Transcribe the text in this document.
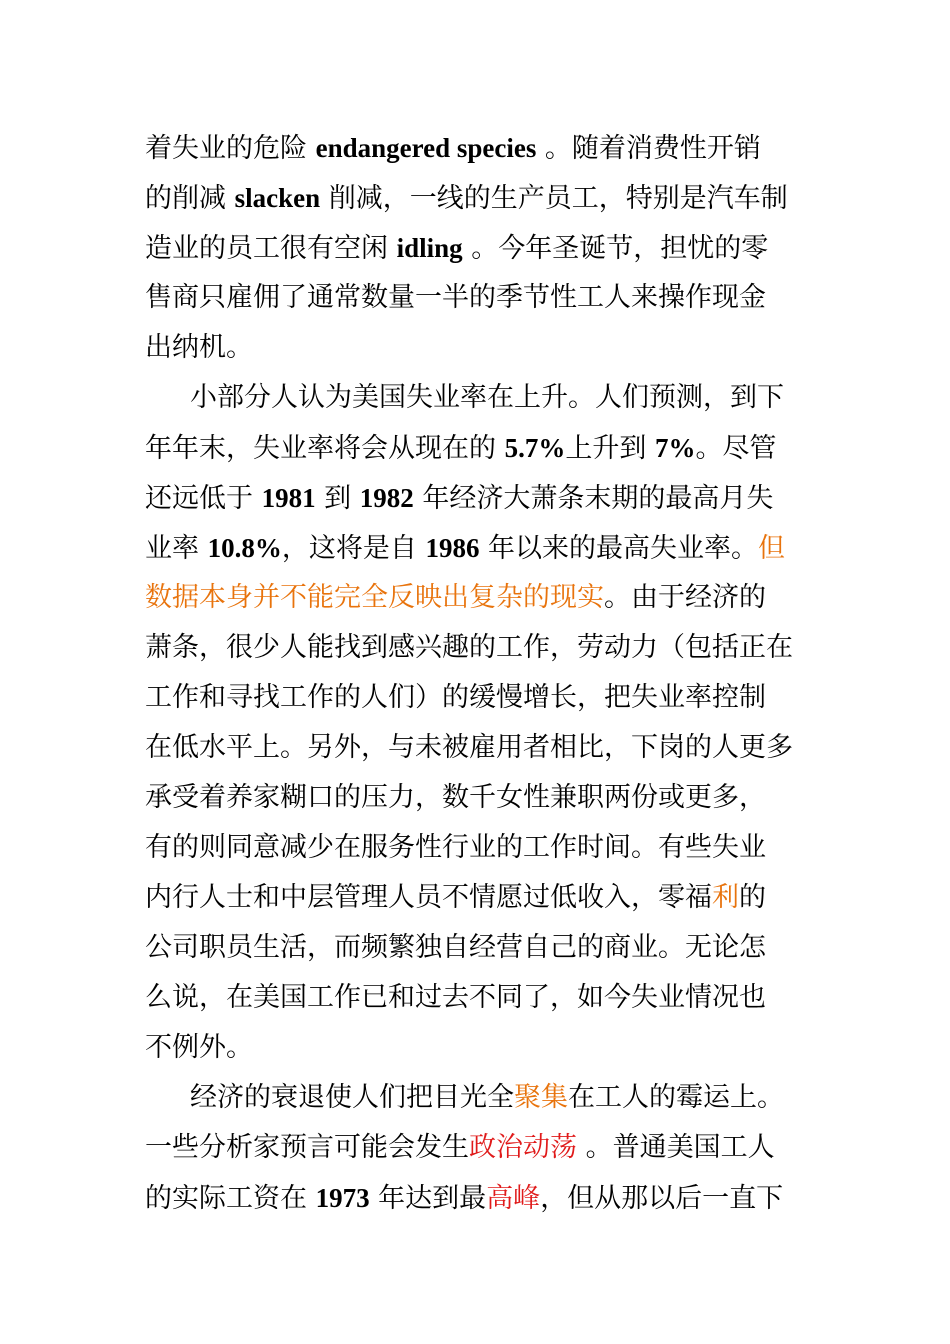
着失业的危险 endangered species 。随着消费性开销
的削减 slacken 削减，一线的生产员工，特别是汽车制
造业的员工很有空闲 idling 。今年圣诞节，担忧的零
售商只雇佣了通常数量一半的季节性工人来操作现金
出纳机。
小部分人认为美国失业率在上升。人们预测，到下
年年末，失业率将会从现在的 5.7%上升到 7%。尽管
还远低于 1981 到 1982 年经济大萧条末期的最高月失
业率 10.8%，这将是自 1986 年以来的最高失业率。但
数据本身并不能完全反映出复杂的现实。由于经济的
萧条，很少人能找到感兴趣的工作，劳动力（包括正在
工作和寻找工作的人们）的缓慢增长，把失业率控制
在低水平上。另外，与未被雇用者相比，下岗的人更多
承受着养家糊口的压力，数千女性兼职两份或更多，
有的则同意减少在服务性行业的工作时间。有些失业
内行人士和中层管理人员不情愿过低收入，零福利的
公司职员生活，而频繁独自经营自己的商业。无论怎
么说，在美国工作已和过去不同了，如今失业情况也
不例外。
经济的衰退使人们把目光全聚集在工人的霉运上。
一些分析家预言可能会发生政治动荡 。普通美国工人
的实际工资在 1973 年达到最高峰，但从那以后一直下
